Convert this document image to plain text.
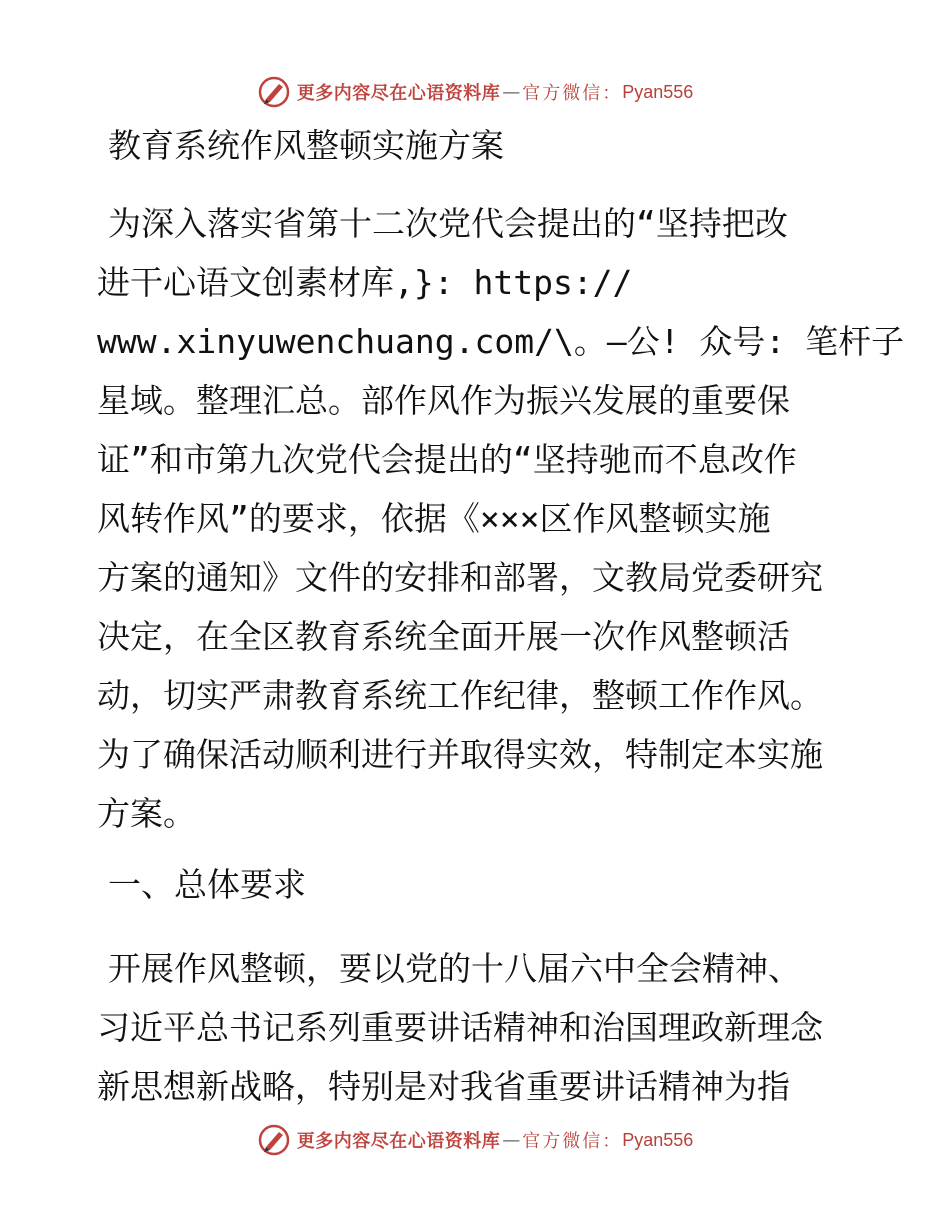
更多内容尽在心语资料库 — 官方微信： Pyan556

教育系统作风整顿实施方案

为深入落实省第十二次党代会提出的“坚持把改

进干心语文创素材库,}: https://

www.xinyuwenchuang.com/\。—公! 众号: 笔杆子

星域。整理汇总。部作风作为振兴发展的重要保

证”和市第九次党代会提出的“坚持驰而不息改作

风转作风”的要求，依据《×××区作风整顿实施

方案的通知》文件的安排和部署，文教局党委研究

决定，在全区教育系统全面开展一次作风整顿活

动，切实严肃教育系统工作纪律，整顿工作作风。

为了确保活动顺利进行并取得实效，特制定本实施

方案。

一、总体要求

开展作风整顿，要以党的十八届六中全会精神、

习近平总书记系列重要讲话精神和治国理政新理念

新思想新战略，特别是对我省重要讲话精神为指

更多内容尽在心语资料库 — 官方微信： Pyan556
